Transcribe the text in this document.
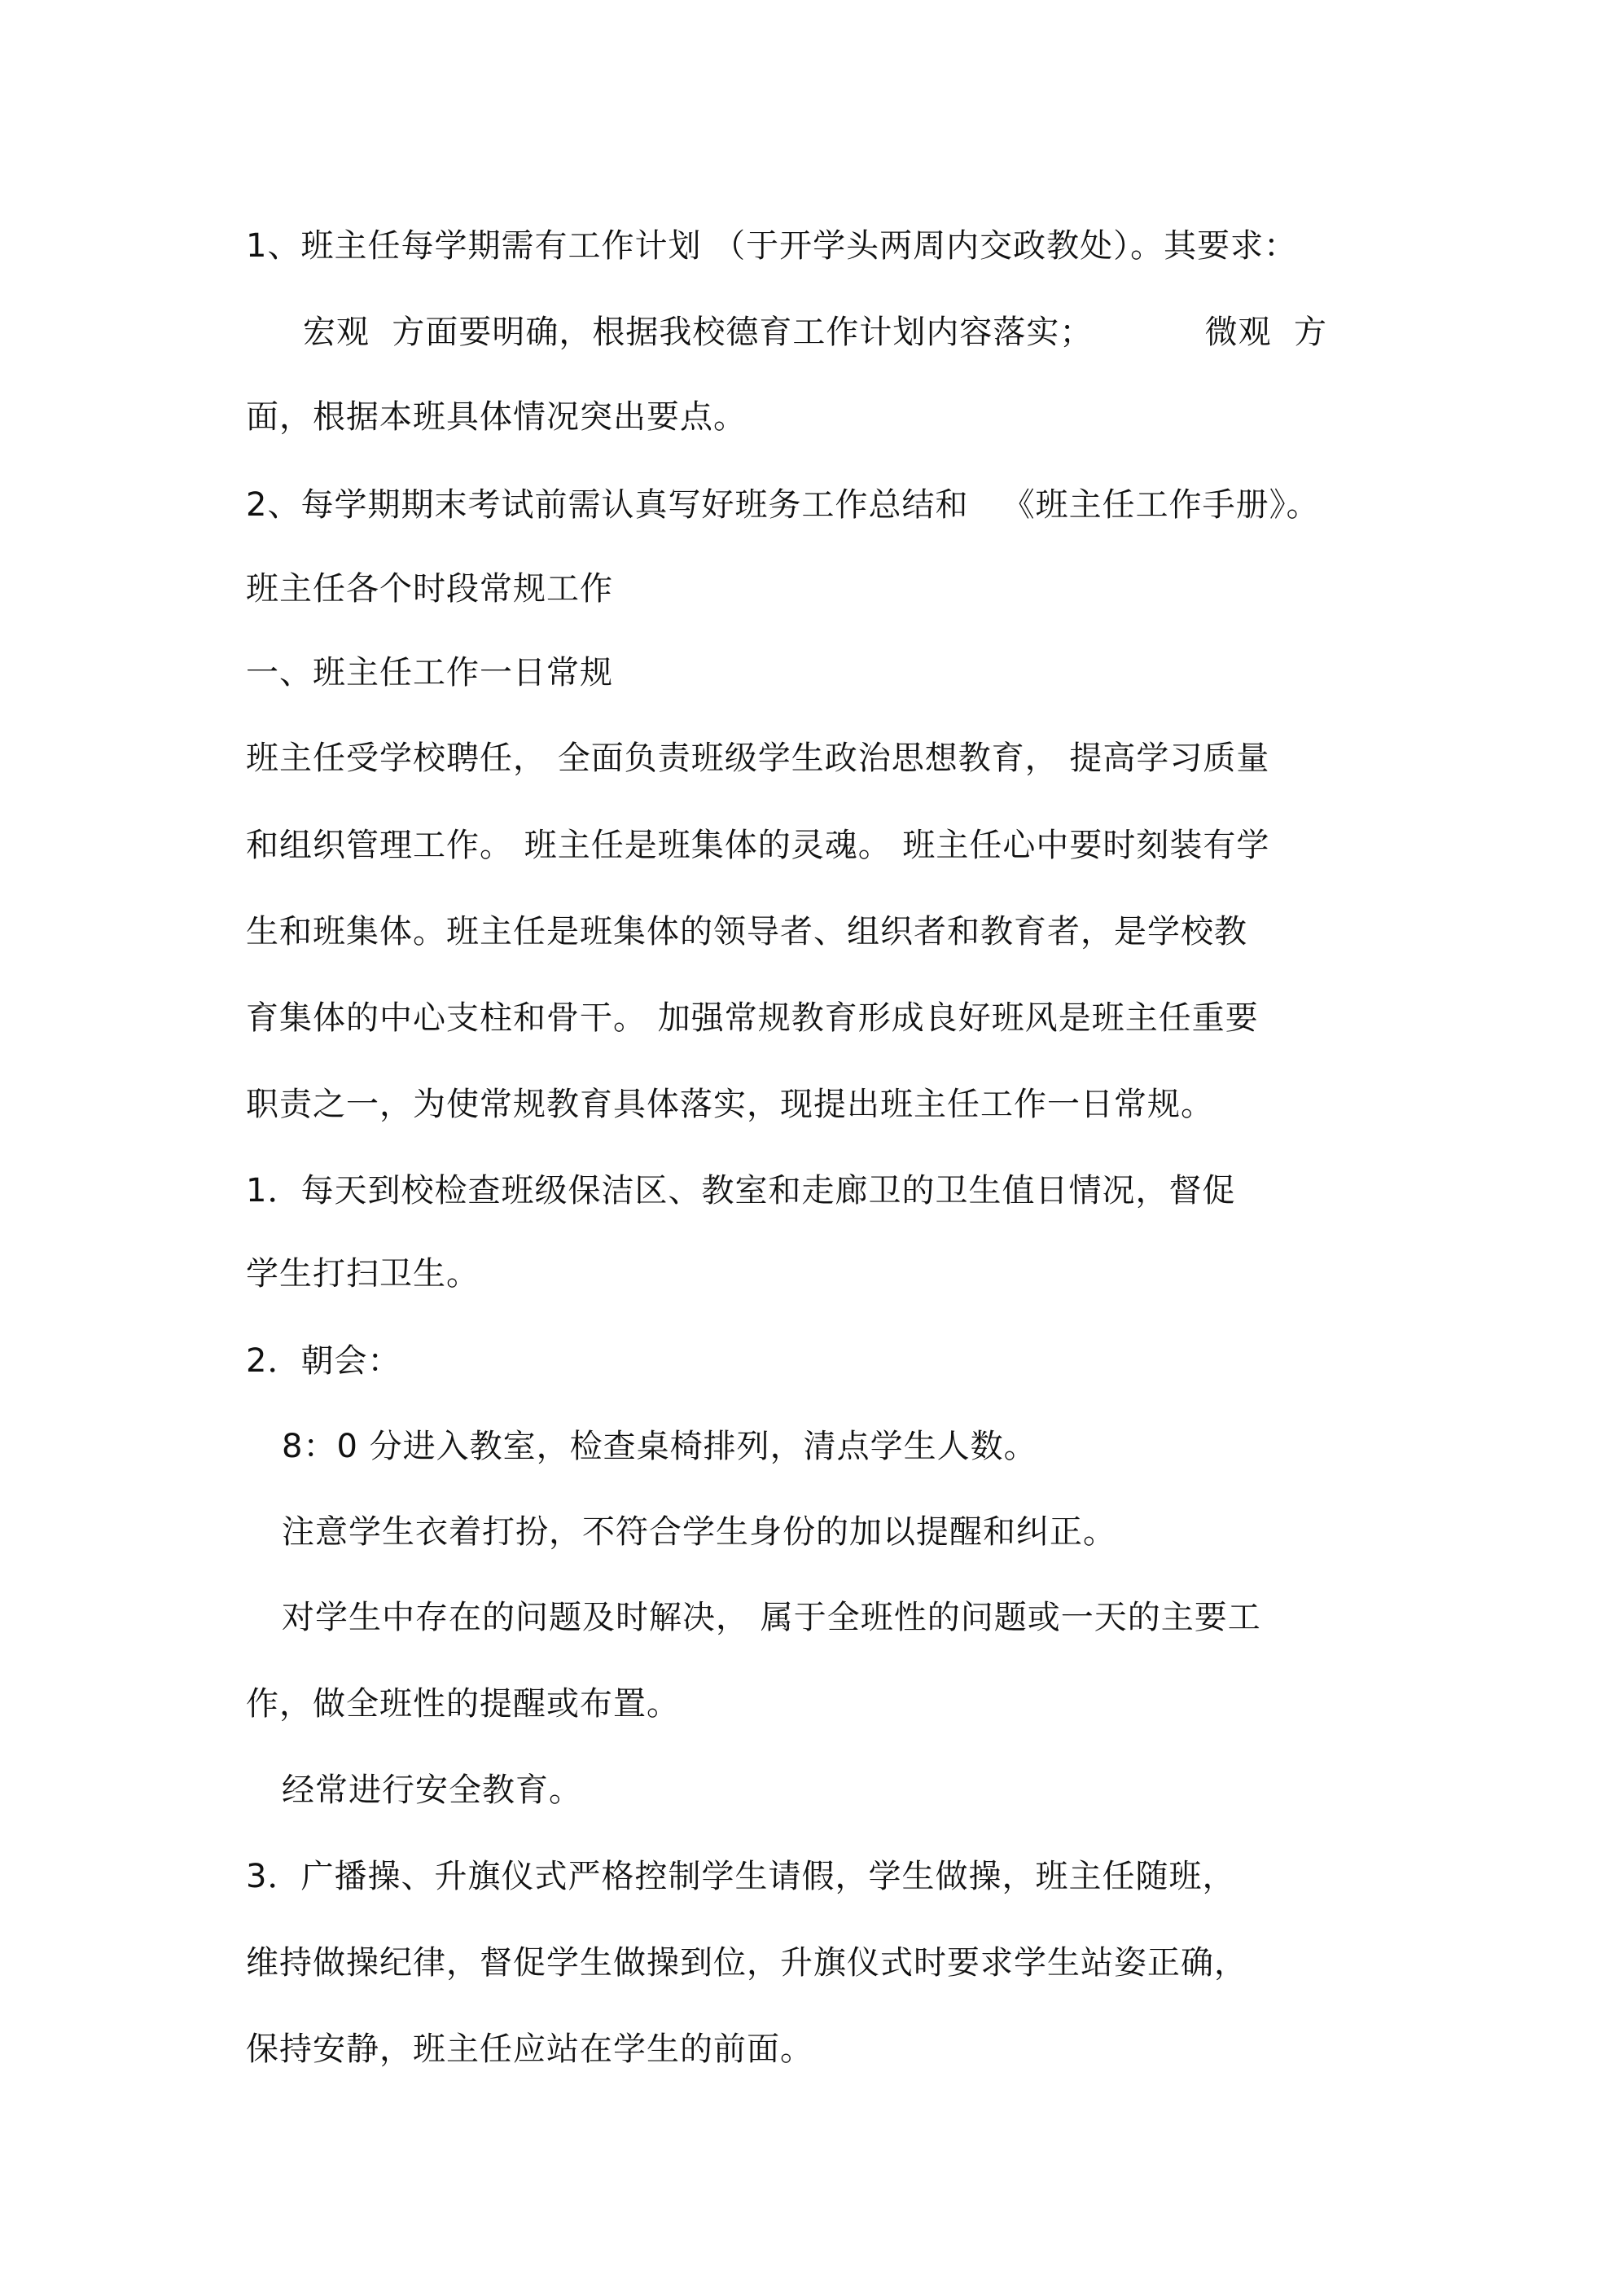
1、班主任每学期需有工作计划 （于开学头两周内交政教处）。其要求：
宏观  方面要明确，根据我校德育工作计划内容落实；          微观  方
面，根据本班具体情况突出要点。
2、每学期期末考试前需认真写好班务工作总结和   《班主任工作手册》。
班主任各个时段常规工作
一、班主任工作一日常规
班主任受学校聘任， 全面负责班级学生政治思想教育， 提高学习质量
和组织管理工作。 班主任是班集体的灵魂。 班主任心中要时刻装有学
生和班集体。班主任是班集体的领导者、组织者和教育者，是学校教
育集体的中心支柱和骨干。 加强常规教育形成良好班风是班主任重要
职责之一，为使常规教育具体落实，现提出班主任工作一日常规。
1．每天到校检查班级保洁区、教室和走廊卫的卫生值日情况，督促
学生打扫卫生。
2．朝会：
8：0 分进入教室，检查桌椅排列，清点学生人数。
注意学生衣着打扮，不符合学生身份的加以提醒和纠正。
对学生中存在的问题及时解决， 属于全班性的问题或一天的主要工
作，做全班性的提醒或布置。
经常进行安全教育。
3．广播操、升旗仪式严格控制学生请假，学生做操，班主任随班，
维持做操纪律，督促学生做操到位，升旗仪式时要求学生站姿正确，
保持安静，班主任应站在学生的前面。
